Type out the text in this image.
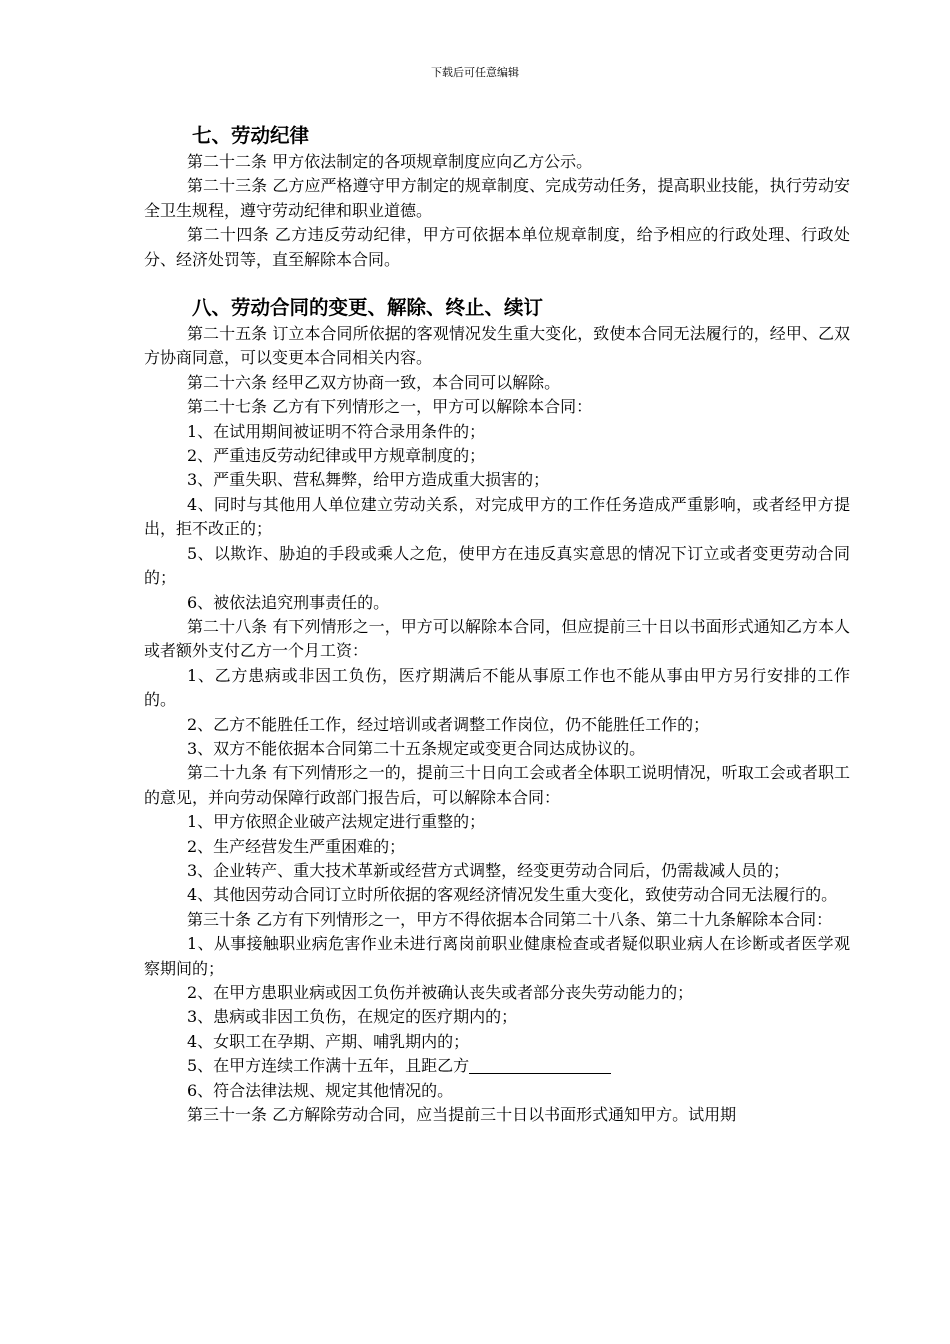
下载后可任意编辑
七、劳动纪律

第二十二条 甲方依法制定的各项规章制度应向乙方公示。

第二十三条 乙方应严格遵守甲方制定的规章制度、完成劳动任务，提高职业技能，执行劳动安全卫生规程，遵守劳动纪律和职业道德。

第二十四条 乙方违反劳动纪律，甲方可依据本单位规章制度，给予相应的行政处理、行政处分、经济处罚等，直至解除本合同。

八、劳动合同的变更、解除、终止、续订

第二十五条 订立本合同所依据的客观情况发生重大变化，致使本合同无法履行的，经甲、乙双方协商同意，可以变更本合同相关内容。

第二十六条 经甲乙双方协商一致，本合同可以解除。

第二十七条 乙方有下列情形之一，甲方可以解除本合同：

1、在试用期间被证明不符合录用条件的；

2、严重违反劳动纪律或甲方规章制度的；

3、严重失职、营私舞弊，给甲方造成重大损害的；

4、同时与其他用人单位建立劳动关系，对完成甲方的工作任务造成严重影响，或者经甲方提出，拒不改正的；

5、以欺诈、胁迫的手段或乘人之危，使甲方在违反真实意思的情况下订立或者变更劳动合同的；

6、被依法追究刑事责任的。

第二十八条 有下列情形之一，甲方可以解除本合同，但应提前三十日以书面形式通知乙方本人或者额外支付乙方一个月工资：

1、乙方患病或非因工负伤，医疗期满后不能从事原工作也不能从事由甲方另行安排的工作的。

2、乙方不能胜任工作，经过培训或者调整工作岗位，仍不能胜任工作的；

3、双方不能依据本合同第二十五条规定或变更合同达成协议的。

第二十九条 有下列情形之一的，提前三十日向工会或者全体职工说明情况，听取工会或者职工的意见，并向劳动保障行政部门报告后，可以解除本合同：

1、甲方依照企业破产法规定进行重整的；

2、生产经营发生严重困难的；

3、企业转产、重大技术革新或经营方式调整，经变更劳动合同后，仍需裁减人员的；

4、其他因劳动合同订立时所依据的客观经济情况发生重大变化，致使劳动合同无法履行的。

第三十条 乙方有下列情形之一，甲方不得依据本合同第二十八条、第二十九条解除本合同：

1、从事接触职业病危害作业未进行离岗前职业健康检查或者疑似职业病人在诊断或者医学观察期间的；

2、在甲方患职业病或因工负伤并被确认丧失或者部分丧失劳动能力的；

3、患病或非因工负伤，在规定的医疗期内的；

4、女职工在孕期、产期、哺乳期内的；

5、在甲方连续工作满十五年，且距乙方

6、符合法律法规、规定其他情况的。

第三十一条 乙方解除劳动合同，应当提前三十日以书面形式通知甲方。试用期
